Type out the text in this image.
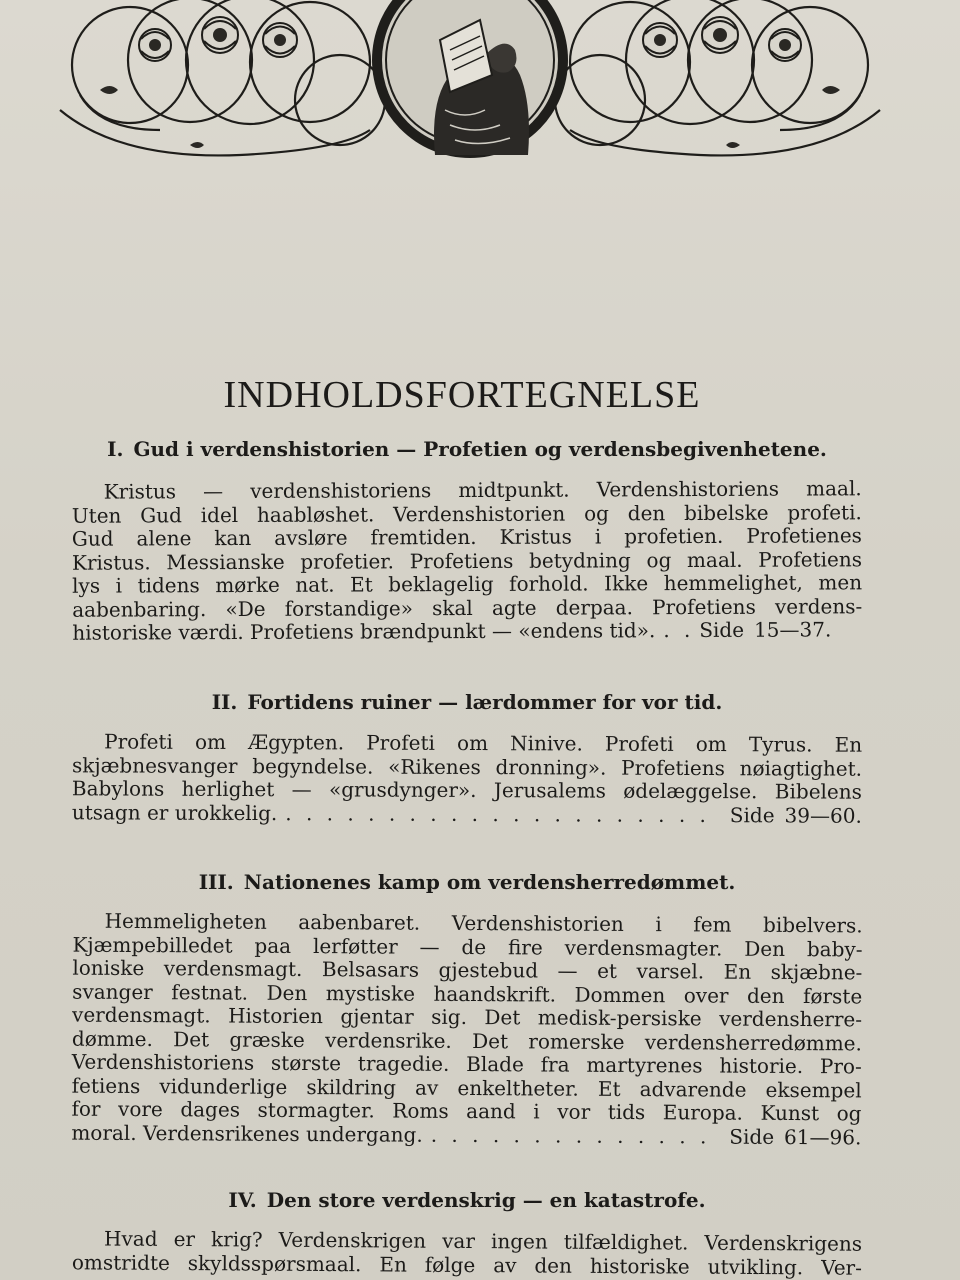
INDHOLDSFORTEGNELSE
I. Gud i verdenshistorien — Profetien og verdensbegivenhetene.
Kristus — verdenshistoriens midtpunkt. Verdenshistoriens maal.
Uten Gud idel haabløshet. Verdenshistorien og den bibelske profeti.
Gud alene kan avsløre fremtiden. Kristus i profetien. Profetienes
Kristus. Messianske profetier. Profetiens betydning og maal. Profetiens
lys i tidens mørke nat. Et beklagelig forhold. Ikke hemmelighet, men
aabenbaring. «De forstandige» skal agte derpaa. Profetiens verdens-
historiske værdi. Profetiens brændpunkt — «endens tid». . . . Side 15—37.
II. Fortidens ruiner — lærdommer for vor tid.
Profeti om Ægypten. Profeti om Ninive. Profeti om Tyrus. En
skjæbnesvanger begyndelse. «Rikenes dronning». Profetiens nøiagtighet.
Babylons herlighet — «grusdynger». Jerusalems ødelæggelse. Bibelens
utsagn er urokkelig. . . .	Side 39—60.
III. Nationenes kamp om verdensherredømmet.
Hemmeligheten aabenbaret. Verdenshistorien i fem bibelvers.
Kjæmpebilledet paa lerføtter — de fire verdensmagter. Den baby-
loniske verdensmagt. Belsasars gjestebud — et varsel. En skjæbne-
svanger festnat. Den mystiske haandskrift. Dommen over den første
verdensmagt. Historien gjentar sig. Det medisk-persiske verdensherre-
dømme. Det græske verdensrike. Det romerske verdensherredømme.
Verdenshistoriens største tragedie. Blade fra martyrenes historie. Pro-
fetiens vidunderlige skildring av enkeltheter. Et advarende eksempel
for vore dages stormagter. Roms aand i vor tids Europa. Kunst og
moral. Verdensrikenes undergang. . . .	Side 61—96.
IV. Den store verdenskrig — en katastrofe.
Hvad er krig? Verdenskrigen var ingen tilfældighet. Verdenskrigens
omstridte skyldsspørsmaal. En følge av den historiske utvikling. Ver-
